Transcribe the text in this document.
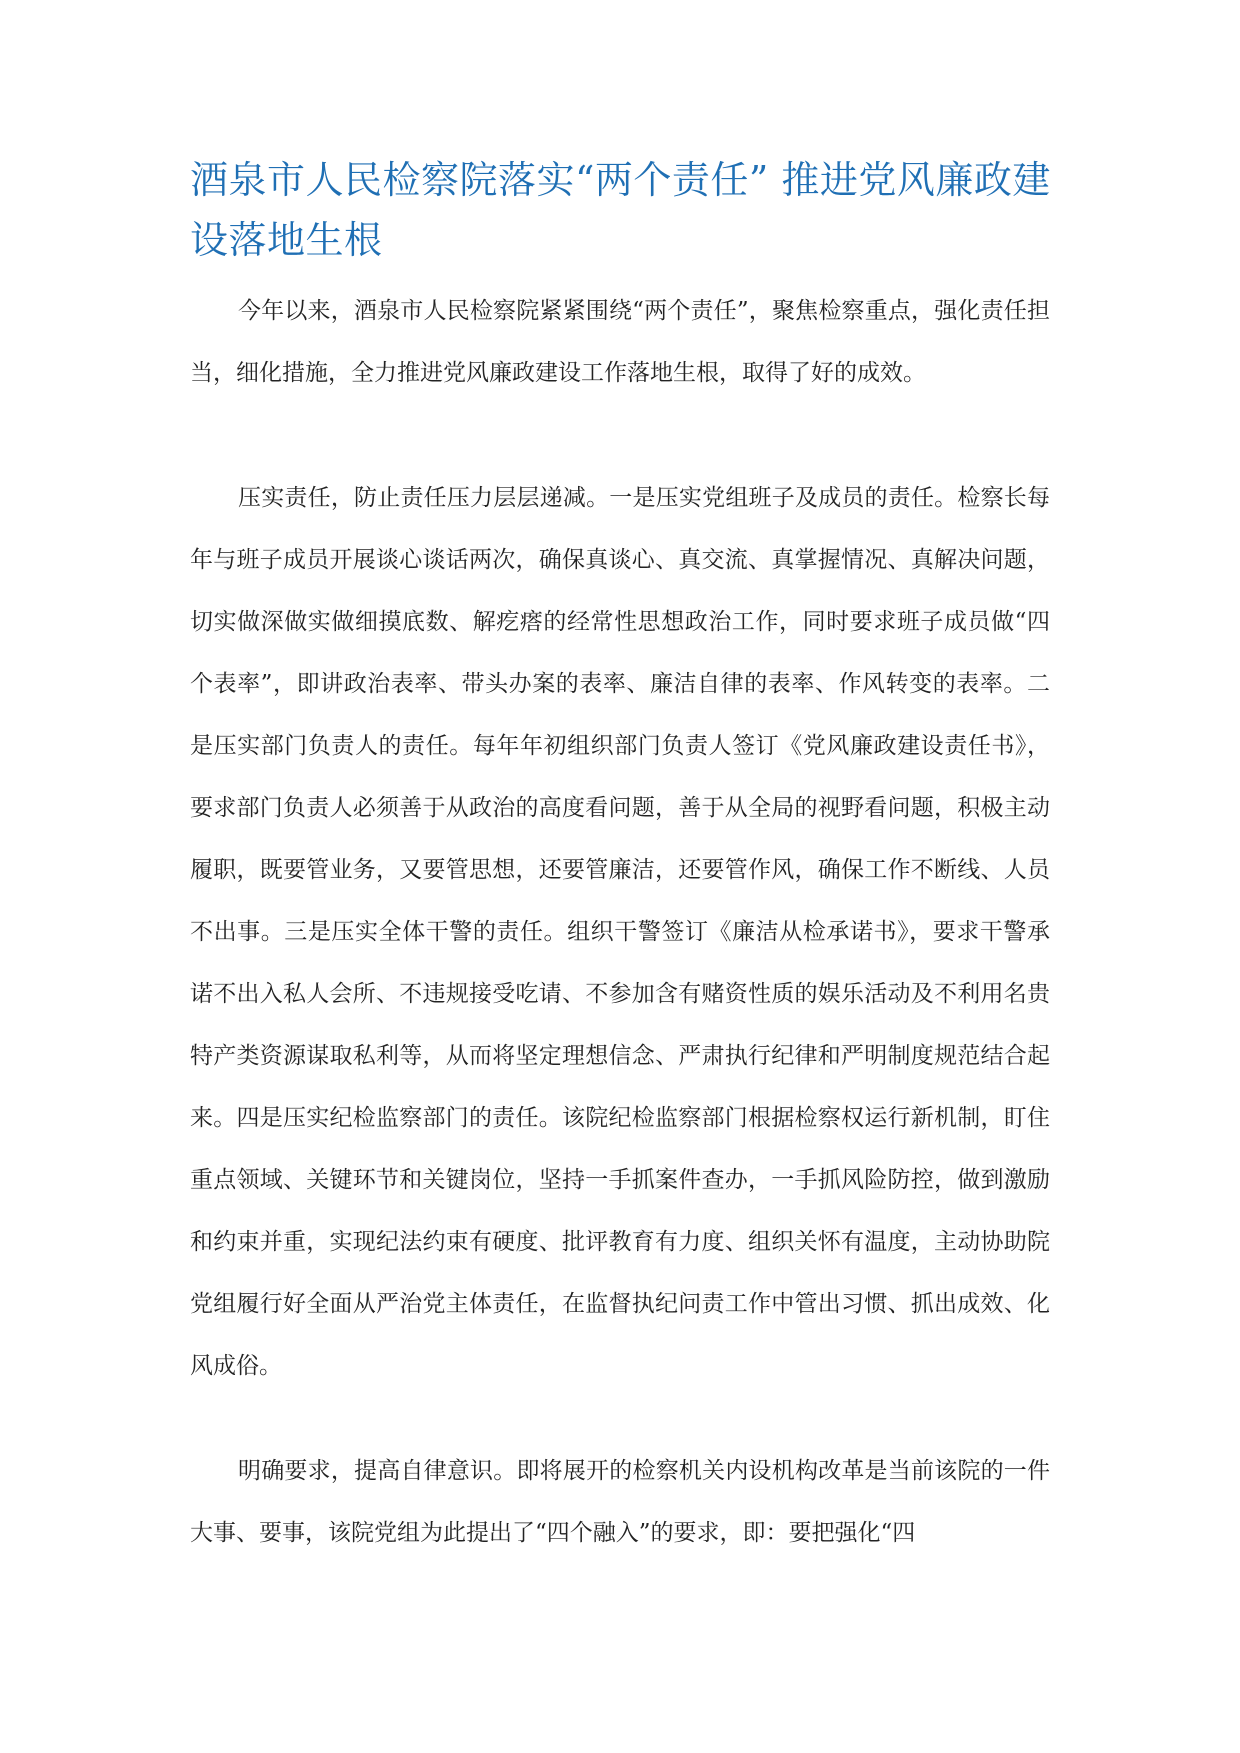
酒泉市人民检察院落实“两个责任” 推进党风廉政建设落地生根

今年以来，酒泉市人民检察院紧紧围绕“两个责任”，聚焦检察重点，强化责任担当，细化措施，全力推进党风廉政建设工作落地生根，取得了好的成效。

压实责任，防止责任压力层层递减。一是压实党组班子及成员的责任。检察长每年与班子成员开展谈心谈话两次，确保真谈心、真交流、真掌握情况、真解决问题，切实做深做实做细摸底数、解疙瘩的经常性思想政治工作，同时要求班子成员做“四个表率”，即讲政治表率、带头办案的表率、廉洁自律的表率、作风转变的表率。二是压实部门负责人的责任。每年年初组织部门负责人签订《党风廉政建设责任书》，要求部门负责人必须善于从政治的高度看问题，善于从全局的视野看问题，积极主动履职，既要管业务，又要管思想，还要管廉洁，还要管作风，确保工作不断线、人员不出事。三是压实全体干警的责任。组织干警签订《廉洁从检承诺书》，要求干警承诺不出入私人会所、不违规接受吃请、不参加含有赌资性质的娱乐活动及不利用名贵特产类资源谋取私利等，从而将坚定理想信念、严肃执行纪律和严明制度规范结合起来。四是压实纪检监察部门的责任。该院纪检监察部门根据检察权运行新机制，盯住重点领域、关键环节和关键岗位，坚持一手抓案件查办，一手抓风险防控，做到激励和约束并重，实现纪法约束有硬度、批评教育有力度、组织关怀有温度，主动协助院党组履行好全面从严治党主体责任，在监督执纪问责工作中管出习惯、抓出成效、化风成俗。

明确要求，提高自律意识。即将展开的检察机关内设机构改革是当前该院的一件大事、要事，该院党组为此提出了“四个融入”的要求，即：要把强化“四
